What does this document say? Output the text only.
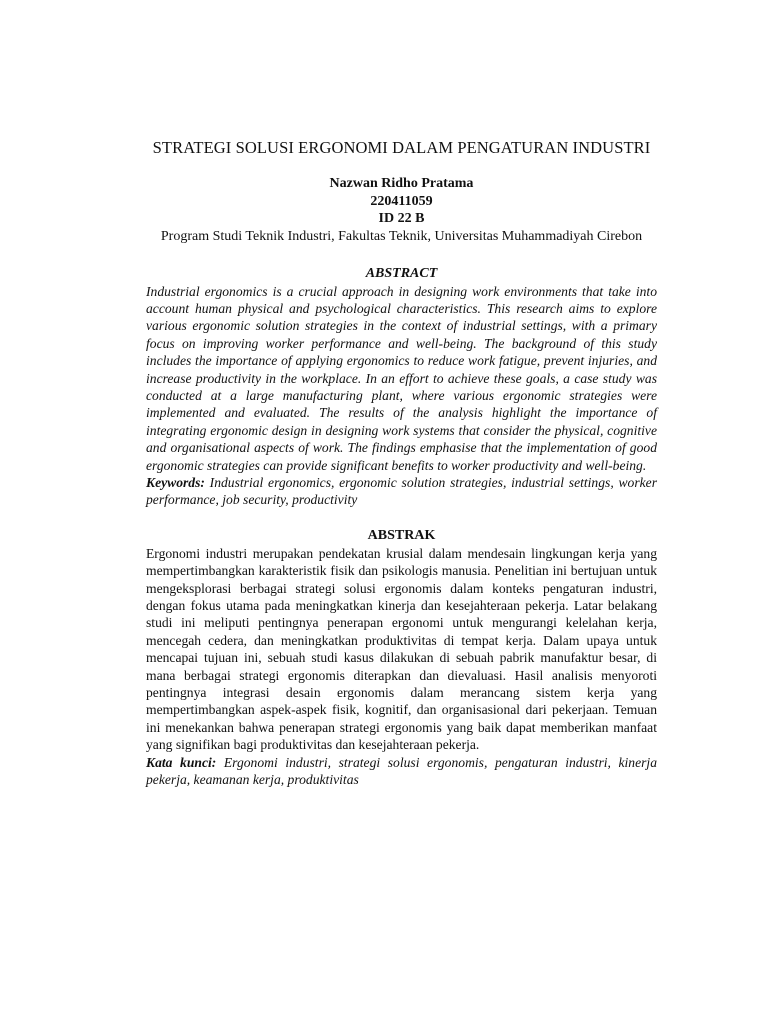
STRATEGI SOLUSI ERGONOMI DALAM PENGATURAN INDUSTRI
Nazwan Ridho Pratama
220411059
ID 22 B
Program Studi Teknik Industri, Fakultas Teknik, Universitas Muhammadiyah Cirebon
ABSTRACT

Industrial ergonomics is a crucial approach in designing work environments that take into account human physical and psychological characteristics. This research aims to explore various ergonomic solution strategies in the context of industrial settings, with a primary focus on improving worker performance and well-being. The background of this study includes the importance of applying ergonomics to reduce work fatigue, prevent injuries, and increase productivity in the workplace. In an effort to achieve these goals, a case study was conducted at a large manufacturing plant, where various ergonomic strategies were implemented and evaluated. The results of the analysis highlight the importance of integrating ergonomic design in designing work systems that consider the physical, cognitive and organisational aspects of work. The findings emphasise that the implementation of good ergonomic strategies can provide significant benefits to worker productivity and well-being.

Keywords: Industrial ergonomics, ergonomic solution strategies, industrial settings, worker performance, job security, productivity

ABSTRAK

Ergonomi industri merupakan pendekatan krusial dalam mendesain lingkungan kerja yang mempertimbangkan karakteristik fisik dan psikologis manusia. Penelitian ini bertujuan untuk mengeksplorasi berbagai strategi solusi ergonomis dalam konteks pengaturan industri, dengan fokus utama pada meningkatkan kinerja dan kesejahteraan pekerja. Latar belakang studi ini meliputi pentingnya penerapan ergonomi untuk mengurangi kelelahan kerja, mencegah cedera, dan meningkatkan produktivitas di tempat kerja. Dalam upaya untuk mencapai tujuan ini, sebuah studi kasus dilakukan di sebuah pabrik manufaktur besar, di mana berbagai strategi ergonomis diterapkan dan dievaluasi. Hasil analisis menyoroti pentingnya integrasi desain ergonomis dalam merancang sistem kerja yang mempertimbangkan aspek-aspek fisik, kognitif, dan organisasional dari pekerjaan. Temuan ini menekankan bahwa penerapan strategi ergonomis yang baik dapat memberikan manfaat yang signifikan bagi produktivitas dan kesejahteraan pekerja.

Kata kunci: Ergonomi industri, strategi solusi ergonomis, pengaturan industri, kinerja pekerja, keamanan kerja, produktivitas
